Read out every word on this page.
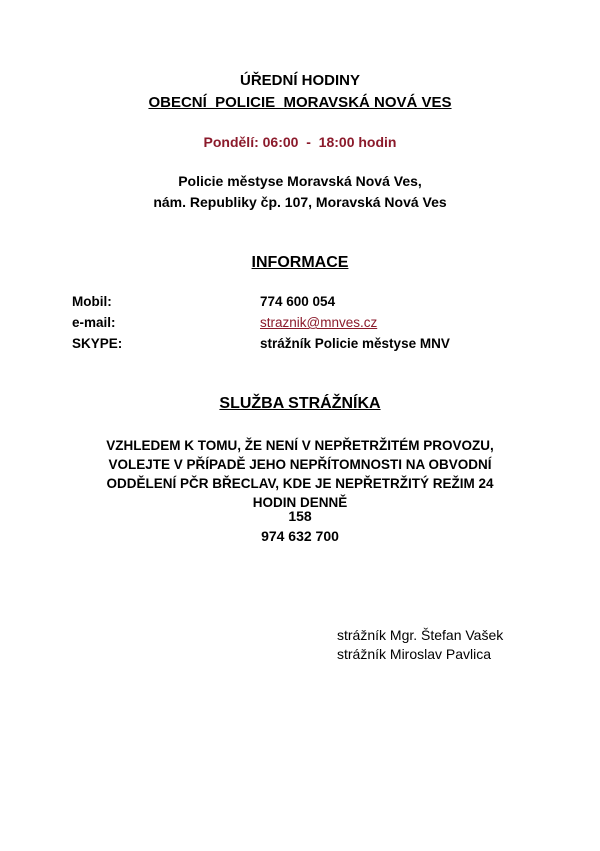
ÚŘEDNÍ HODINY
OBECNÍ  POLICIE  MORAVSKÁ NOVÁ VES
Pondělí: 06:00  -  18:00 hodin
Policie městyse Moravská Nová Ves,
nám. Republiky čp. 107, Moravská Nová Ves
INFORMACE
Mobil:	774 600 054
e-mail:	straznik@mnves.cz
SKYPE:	strážník Policie městyse MNV
SLUŽBA STRÁŽNÍKA
VZHLEDEM K TOMU, ŽE NENÍ V NEPŘETRŽITÉM PROVOZU, VOLEJTE V PŘÍPADĚ JEHO NEPŘÍTOMNOSTI NA OBVODNÍ ODDĚLENÍ PČR BŘECLAV, KDE JE NEPŘETRŽITÝ REŽIM 24 HODIN DENNĚ
158
974 632 700
strážník Mgr. Štefan Vašek
strážník Miroslav Pavlica
